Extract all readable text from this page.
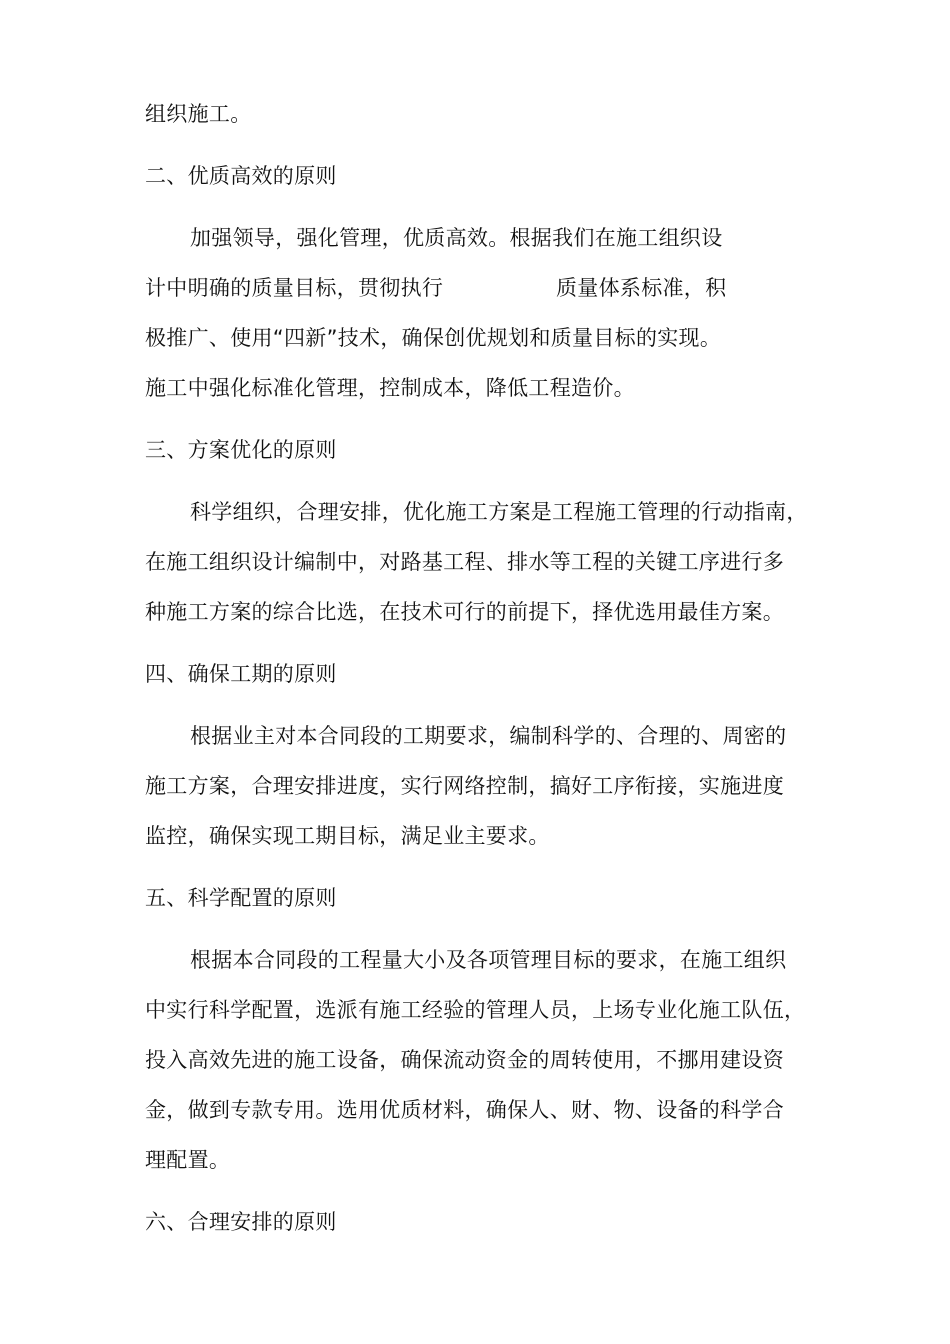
组织施工。
二、优质高效的原则
加强领导，强化管理，优质高效。根据我们在施工组织设
计中明确的质量目标，贯彻执行	质量体系标准，积
极推广、使用“四新”技术，确保创优规划和质量目标的实现。
施工中强化标准化管理，控制成本，降低工程造价。
三、方案优化的原则
科学组织，合理安排，优化施工方案是工程施工管理的行动指南，
在施工组织设计编制中，对路基工程、排水等工程的关键工序进行多
种施工方案的综合比选，在技术可行的前提下，择优选用最佳方案。
四、确保工期的原则
根据业主对本合同段的工期要求，编制科学的、合理的、周密的
施工方案，合理安排进度，实行网络控制，搞好工序衔接，实施进度
监控，确保实现工期目标，满足业主要求。
五、科学配置的原则
根据本合同段的工程量大小及各项管理目标的要求，在施工组织
中实行科学配置，选派有施工经验的管理人员，上场专业化施工队伍，
投入高效先进的施工设备，确保流动资金的周转使用，不挪用建设资
金，做到专款专用。选用优质材料，确保人、财、物、设备的科学合
理配置。
六、合理安排的原则
